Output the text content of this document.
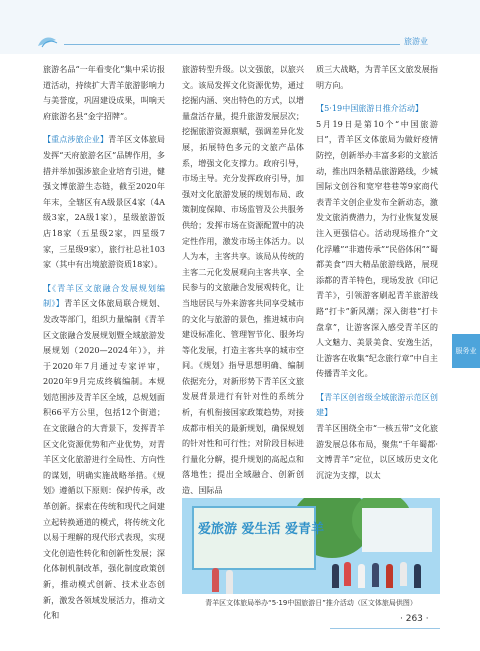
旅游业

旅游名品“一年看变化”集中采访报道活动，持续扩大青羊旅游影响力与美誉度，巩固建设成果，叫响天府旅游名县“金字招牌”。

【重点涉旅企业】青羊区文体旅局发挥“天府旅游名区”品牌作用，多措并举加强涉旅企业培育引进，健强文博旅游生态链，截至2020年年末，全辖区有A级景区4家（4A级3家，2A级1家），星级旅游饭店18家（五星级2家，四星级7家，三星级9家），旅行社总社103家（其中有出境旅游资质18家）。

【《青羊区文旅融合发展规划编制》】青羊区文体旅局联合规划、发改等部门，组织力量编制《青羊区文旅融合发展规划暨全域旅游发展规划（2020—2024年）》，并于2020年7月通过专家评审，2020年9月完成终稿编制。本规划范围涉及青羊区全域，总规划面积66平方公里，包括12个街道；在文旅融合的大背景下，发挥青羊区文化资源优势和产业优势，对青羊区文化旅游进行全局性、方向性的谋划，明确实施战略举措。《规划》遵循以下原则：保护传承，改革创新。探索在传统和现代之间建立起转换通道的模式，将传统文化以易于理解的现代形式表现，实现文化创造性转化和创新性发展；深化体制机制改革，强化制度政策创新，推动模式创新、技术业态创新，激发各领域发展活力，推动文化和

旅游转型升级。以文强旅，以旅兴文。该局发挥文化资源优势，通过挖掘内涵、突出特色的方式，以增量盘活存量，提升旅游发展层次；挖掘旅游资源禀赋，强调差异化发展，拓展特色多元的文旅产品体系，增强文化支撑力。政府引导，市场主导。充分发挥政府引导，加强对文化旅游发展的规划布局、政策制度保障、市场监管及公共服务供给；发挥市场在资源配置中的决定性作用，激发市场主体活力。以人为本，主客共享。该局从传统的主客二元化发展观向主客共享、全民参与的文旅融合发展观转化，让当地居民与外来游客共同享受城市的文化与旅游的景色，推进城市向建设标准化、管理智节化、服务均等化发展，打造主客共享的城市空间。《规划》指导思想明确、编制依据充分，对新形势下青羊区文旅发展背景进行有针对性的系统分析，有机衔接国家政策趋势，对接成都市相关的最新规划，确保规划的针对性和可行性；对阶段目标进行量化分解，提升规划的高起点和落地性；提出全域融合、创新创造、国际品

质三大战略，为青羊区文旅发展指明方向。

【5·19中国旅游日推介活动】

5月19日是第10个“中国旅游日”，青羊区文体旅局为做好疫情防控，创新举办丰富多彩的文旅活动，推出四条精品旅游路线，少城国际文创谷和宽窄巷巷等9家商代表青羊文创企业发布全新动态，激发文旅消费潜力，为行业恢复发展注入更强信心。活动现场推介“文化浮雕”“非遗传承”“民俗体闲”“蜀都美食”四大精品旅游线路，展现添都的青羊特色，现场发放《印记青羊》，引领游客刷起青羊旅游线路“打卡”新风潮；深入街巷“打卡盘拿”，让游客深入感受青羊区的人文魅力、美景美食、安逸生活，让游客在收集“纪念旅行章”中自主传播青羊文化。

【青羊区创省级全域旅游示范区创建】

青羊区围绕全市“一核五带”文化旅游发展总体布局，聚焦“千年蜀都·文博青羊”定位，以区域历史文化沉淀为支撑，以太

服务业
爱旅游 爱生活 爱青羊
青羊区文体旅局举办“5·19中国旅游日”推介活动（区文体旅局供图）
· 263 ·
